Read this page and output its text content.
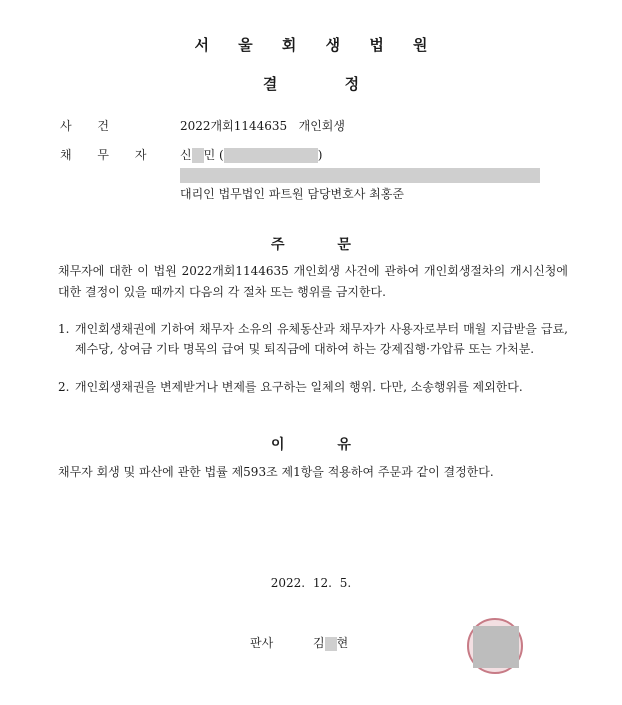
서 울 회 생 법 원
결 정
사 건	2022개회1144635 개인회생
채 무 자	신 민 (	)
대리인 법무법인 파트원 담당변호사 최홍준
주 문
채무자에 대한 이 법원 2022개회1144635 개인회생 사건에 관하여 개인회생절차의 개시신청에 대한 결정이 있을 때까지 다음의 각 절차 또는 행위를 금지한다.
1. 개인회생채권에 기하여 채무자 소유의 유체동산과 채무자가 사용자로부터 매월 지급받을 급료, 제수당, 상여금 기타 명목의 급여 및 퇴직금에 대하여 하는 강제집행·가압류 또는 가처분.
2. 개인회생채권을 변제받거나 변제를 요구하는 일체의 행위. 다만, 소송행위를 제외한다.
이 유
채무자 회생 및 파산에 관한 법률 제593조 제1항을 적용하여 주문과 같이 결정한다.
2022. 12. 5.
판사	김 현
